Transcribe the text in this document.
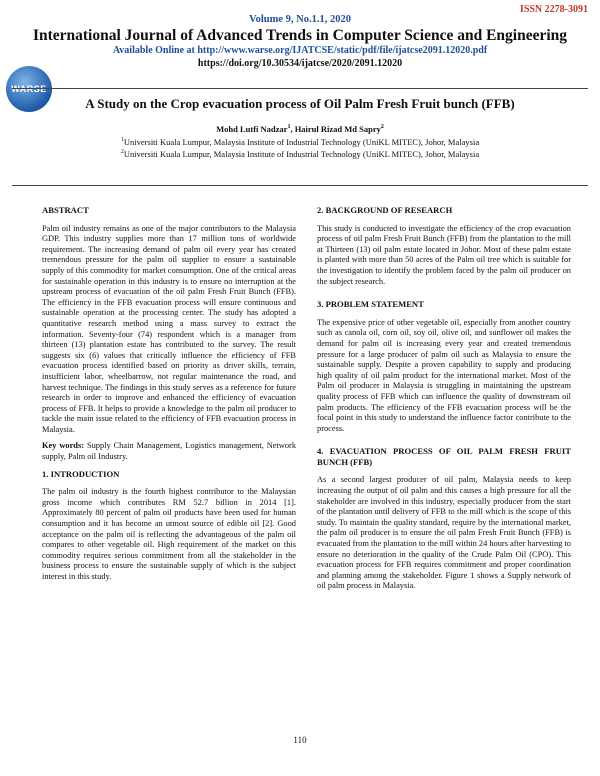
ISSN 2278-3091
Volume 9, No.1.1, 2020
International Journal of Advanced Trends in Computer Science and Engineering
Available Online at http://www.warse.org/IJATCSE/static/pdf/file/ijatcse2091.12020.pdf
https://doi.org/10.30534/ijatcse/2020/2091.12020
WARSE
A Study on the Crop evacuation process of Oil Palm Fresh Fruit bunch (FFB)
Mohd Lutfi Nadzar$^1$, Hairul Rizad Md Sapry$^2$
$^1$Universiti Kuala Lumpur, Malaysia Institute of Industrial Technology (UniKL MITEC), Johor, Malaysia
$^2$Universiti Kuala Lumpur, Malaysia Institute of Industrial Technology (UniKL MITEC), Johor, Malaysia
ABSTRACT

Palm oil industry remains as one of the major contributors to the Malaysia GDP. This industry supplies more than 17 million tons of worldwide requirement. The increasing demand of palm oil every year has created tremendous pressure for the palm oil supplier to ensure a sustainable supply of this commodity for market consumption. One of the critical areas for sustainable operation in this industry is to ensure no interruption at the upstream process of evacuation of the oil palm Fresh Fruit Bunch (FFB). The efficiency in the FFB evacuation process will ensure continuous and sustainable operation at the processing center. The study has adopted a quantitative research method using a mass survey to extract the information. Seventy-four (74) respondent which is a manager from thirteen (13) plantation estate has contributed to the survey. The result suggests six (6) values that critically influence the efficiency of FFB evacuation process identified based on priority as driver skills, terrain, insufficient labor, wheelbarrow, not regular maintenance the road, and harvest technique. The findings in this study serves as a reference for future research in order to improve and enhanced the efficiency of evacuation process of FFB. It helps to provide a knowledge to the palm oil producer to tackle the main issue related to the efficiency of FFB evacuation process in Malaysia.

Key words: Supply Chain Management, Logistics management, Network supply, Palm oil Industry.

1. INTRODUCTION

The palm oil industry is the fourth highest contributor to the Malaysian gross income which contributes RM 52.7 billion in 2014 [1]. Approximately 80 percent of palm oil products have been used for human consumption and it has become an utmost source of edible oil [2]. Good acceptance on the palm oil is reflecting the advantageous of the palm oil compares to other vegetable oil. High requirement of the market on this commodity requires serious commitment from all the stakeholder in the business process to ensure the sustainable supply of which is the subject interest in this study.

2. BACKGROUND OF RESEARCH

This study is conducted to investigate the efficiency of the crop evacuation process of oil palm Fresh Fruit Bunch (FFB) from the plantation to the mill at Thirteen (13) oil palm estate located in Johor. Most of these palm estate is planted with more than 50 acres of the Palm oil tree which is suitable for the investigation to identify the problem faced by the palm oil producer on the subject research.

3. PROBLEM STATEMENT

The expensive price of other vegetable oil, especially from another country such as canola oil, corn oil, soy oil, olive oil, and sunflower oil makes the demand for palm oil is increasing every year and created tremendous pressure for a large producer of palm oil such as Malaysia to ensure the sustainable supply. Despite a proven capability to supply and producing high quality of oil palm product for the international market. Most of the Palm oil producer in Malaysia is struggling in maintaining the upstream quality process of FFB which can influence the quality of downstream oil palm products. The efficiency of the FFB evacuation process will be the focal point in this study to understand the influence factor contribute to the process.

4. EVACUATION PROCESS OF OIL PALM FRESH FRUIT BUNCH (FFB)

As a second largest producer of oil palm, Malaysia needs to keep increasing the output of oil palm and this causes a high pressure for all the stakeholder are involved in this industry, especially producer from the start of the plantation until delivery of FFB to the mill which is the scope of this study. To maintain the quality standard, require by the international market, the palm oil producer is to ensure the oil palm Fresh Fruit Bunch (FFB) is evacuated from the plantation to the mill within 24 hours after harvesting to ensure no deterioration in the quality of the Crude Palm Oil (CPO). This evacuation process for FFB requires commitment and proper coordination and planning among the stakeholder. Figure 1 shows a Supply network of oil palm process in Malaysia.

110
